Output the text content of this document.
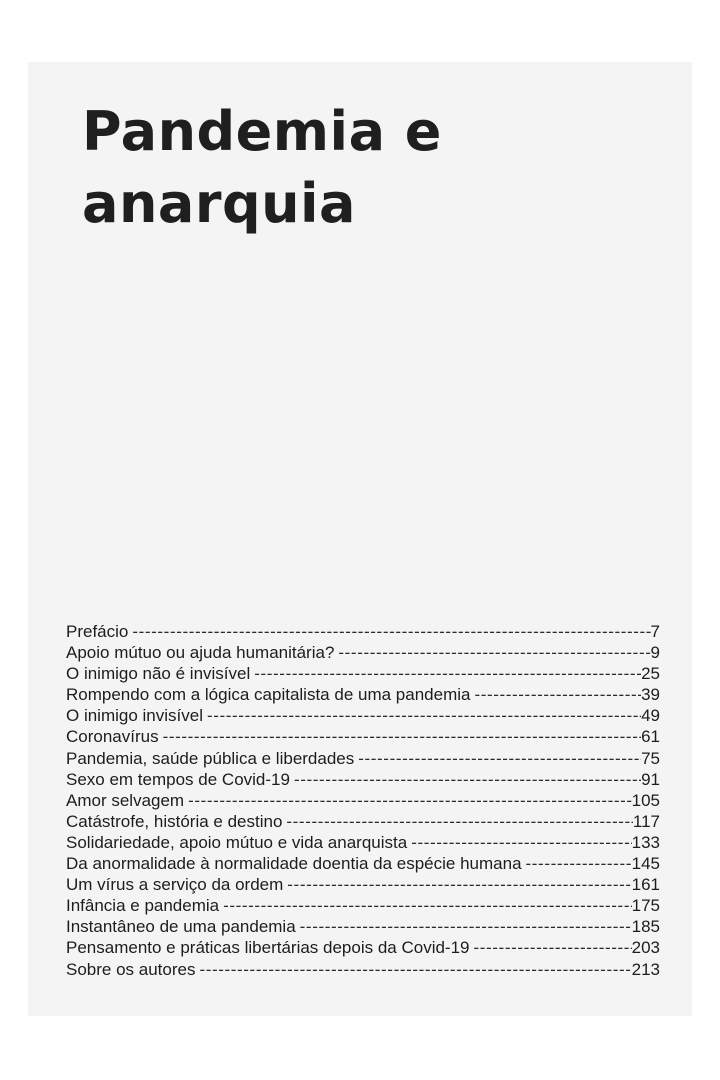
Pandemia e
anarquia
Prefácio -----	7
Apoio mútuo ou ajuda humanitária? -----	9
O inimigo não é invisível -----	25
Rompendo com a lógica capitalista de uma pandemia -----	39
O inimigo invisível -----	49
Coronavírus -----	61
Pandemia, saúde pública e liberdades -----	75
Sexo em tempos de Covid-19 -----	91
Amor selvagem -----	105
Catástrofe, história e destino -----	117
Solidariedade, apoio mútuo e vida anarquista -----	133
Da anormalidade à normalidade doentia da espécie humana -----	145
Um vírus a serviço da ordem -----	161
Infância e pandemia -----	175
Instantâneo de uma pandemia -----	185
Pensamento e práticas libertárias depois da Covid-19 -----	203
Sobre os autores -----	213
